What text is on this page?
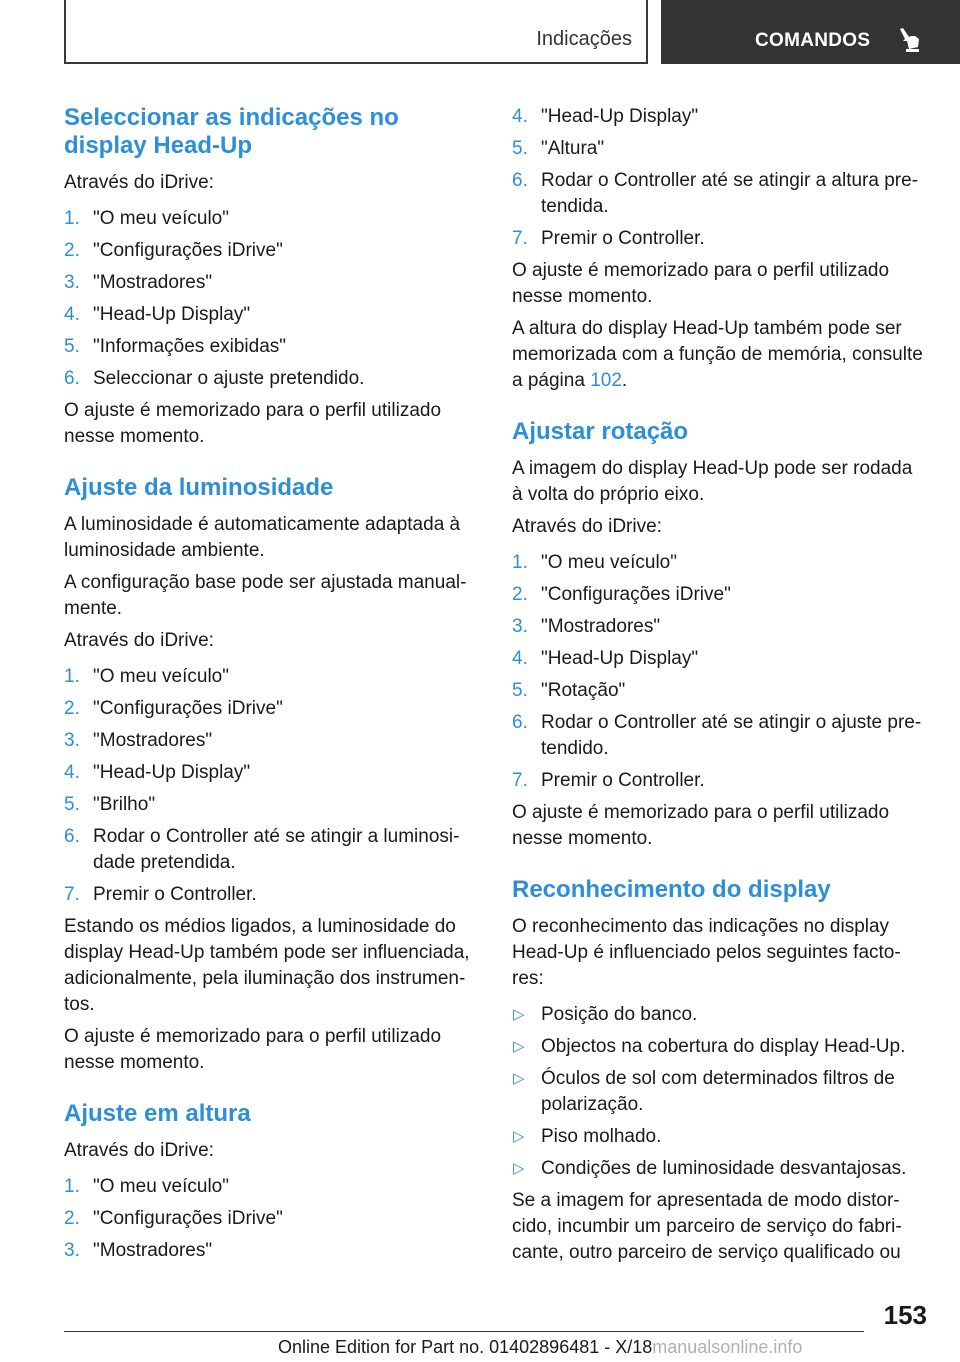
Indicações	COMANDOS
Seleccionar as indicações no
display Head-Up

Através do iDrive:

1. "O meu veículo"
2. "Configurações iDrive"
3. "Mostradores"
4. "Head-Up Display"
5. "Informações exibidas"
6. Seleccionar o ajuste pretendido.

O ajuste é memorizado para o perfil utilizado
nesse momento.

Ajuste da luminosidade

A luminosidade é automaticamente adaptada à
luminosidade ambiente.

A configuração base pode ser ajustada manual-
mente.

Através do iDrive:

1. "O meu veículo"
2. "Configurações iDrive"
3. "Mostradores"
4. "Head-Up Display"
5. "Brilho"
6. Rodar o Controller até se atingir a luminosi-
dade pretendida.
7. Premir o Controller.

Estando os médios ligados, a luminosidade do
display Head-Up também pode ser influenciada,
adicionalmente, pela iluminação dos instrumen-
tos.

O ajuste é memorizado para o perfil utilizado
nesse momento.

Ajuste em altura

Através do iDrive:

1. "O meu veículo"
2. "Configurações iDrive"
3. "Mostradores"
4. "Head-Up Display"
5. "Altura"
6. Rodar o Controller até se atingir a altura pre-
tendida.
7. Premir o Controller.

O ajuste é memorizado para o perfil utilizado
nesse momento.

A altura do display Head-Up também pode ser
memorizada com a função de memória, consulte
a página 102.

Ajustar rotação

A imagem do display Head-Up pode ser rodada
à volta do próprio eixo.

Através do iDrive:

1. "O meu veículo"
2. "Configurações iDrive"
3. "Mostradores"
4. "Head-Up Display"
5. "Rotação"
6. Rodar o Controller até se atingir o ajuste pre-
tendido.
7. Premir o Controller.

O ajuste é memorizado para o perfil utilizado
nesse momento.

Reconhecimento do display

O reconhecimento das indicações no display
Head-Up é influenciado pelos seguintes facto-
res:

▷ Posição do banco.
▷ Objectos na cobertura do display Head-Up.
▷ Óculos de sol com determinados filtros de
polarização.
▷ Piso molhado.
▷ Condições de luminosidade desvantajosas.

Se a imagem for apresentada de modo distor-
cido, incumbir um parceiro de serviço do fabri-
cante, outro parceiro de serviço qualificado ou

153
Online Edition for Part no. 01402896481 - X/18manualsonline.info
